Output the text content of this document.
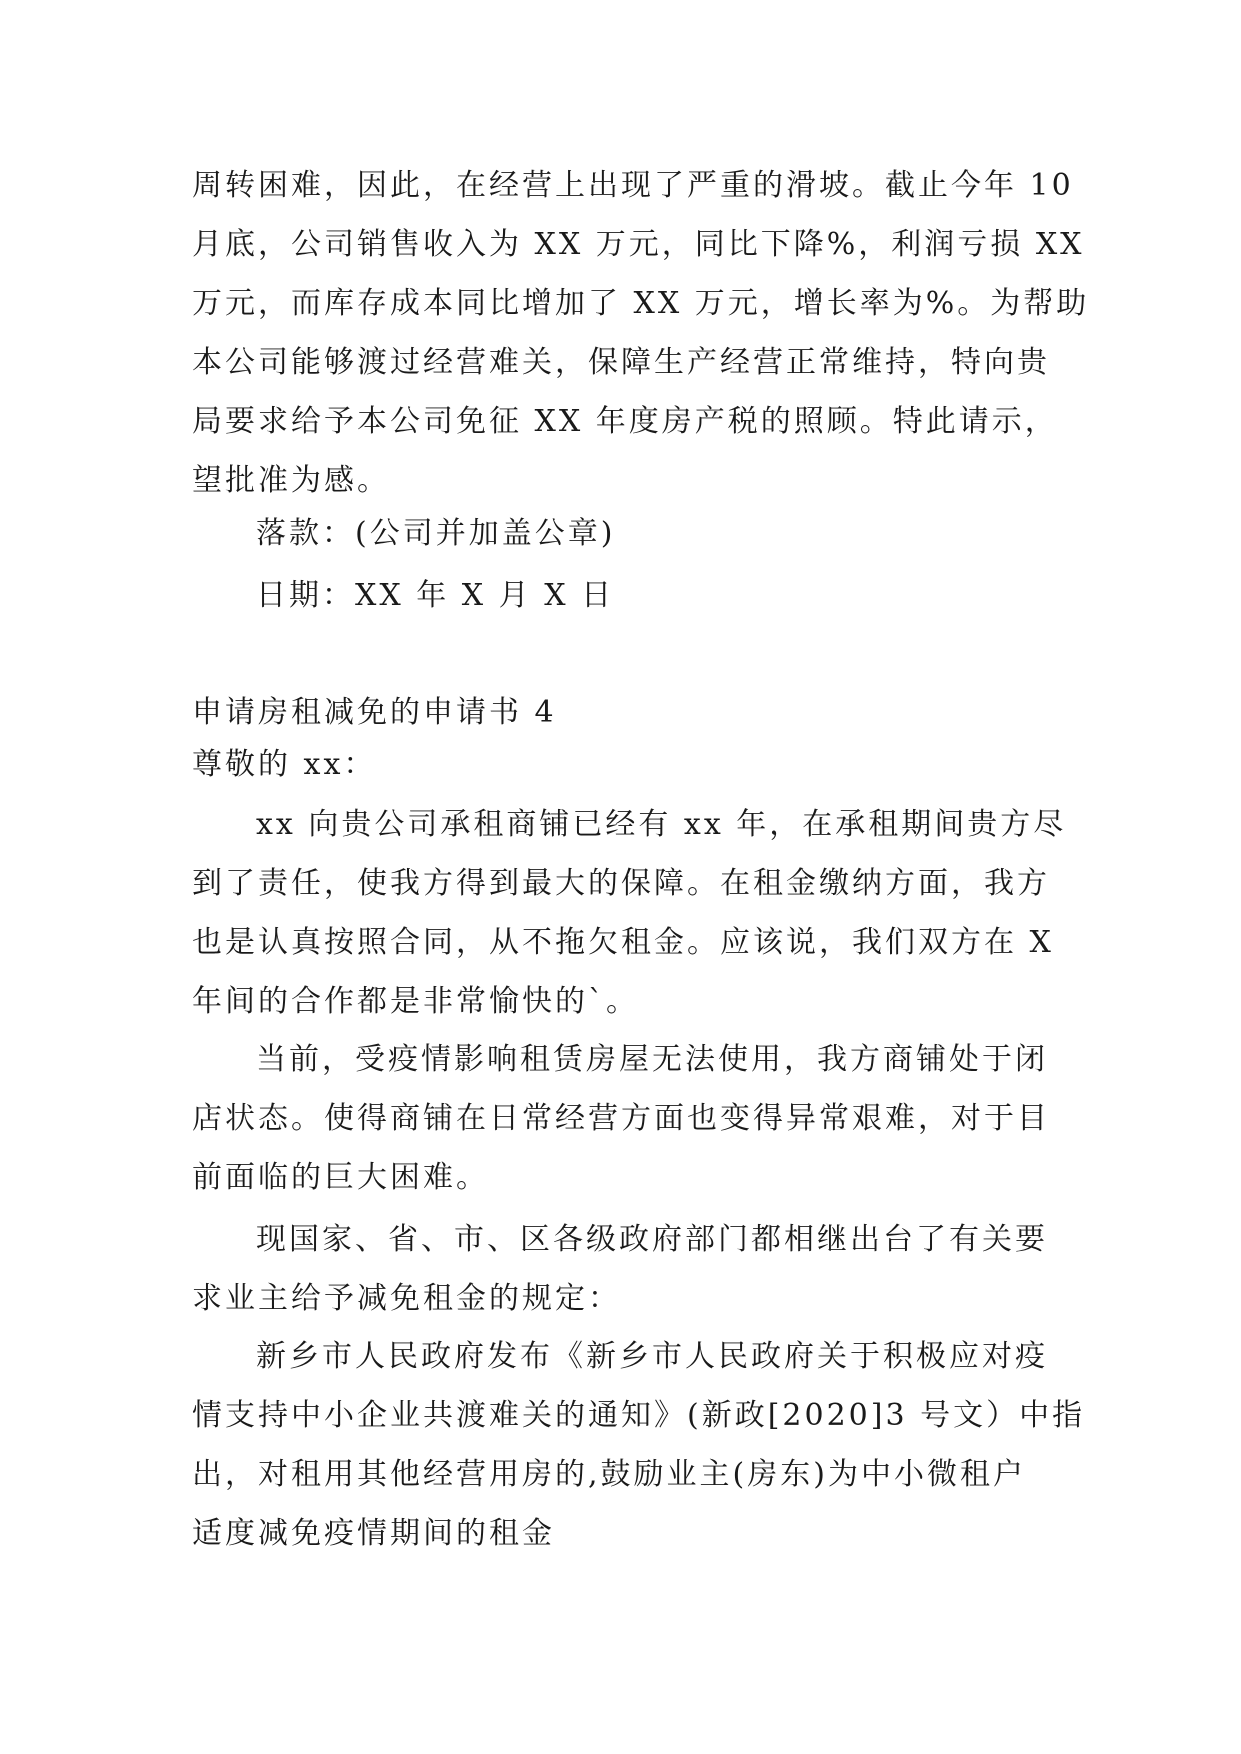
周转困难，因此，在经营上出现了严重的滑坡。截止今年 10
月底，公司销售收入为 XX 万元，同比下降%，利润亏损 XX
万元，而库存成本同比增加了 XX 万元，增长率为%。为帮助
本公司能够渡过经营难关，保障生产经营正常维持，特向贵
局要求给予本公司免征 XX 年度房产税的照顾。特此请示，
望批准为感。
落款：(公司并加盖公章)
日期：XX 年 X 月 X 日
申请房租减免的申请书 4
尊敬的 xx：
xx 向贵公司承租商铺已经有 xx 年，在承租期间贵方尽
到了责任，使我方得到最大的保障。在租金缴纳方面，我方
也是认真按照合同，从不拖欠租金。应该说，我们双方在 X
年间的合作都是非常愉快的`。
当前，受疫情影响租赁房屋无法使用，我方商铺处于闭
店状态。使得商铺在日常经营方面也变得异常艰难，对于目
前面临的巨大困难。
现国家、省、市、区各级政府部门都相继出台了有关要
求业主给予减免租金的规定：
新乡市人民政府发布《新乡市人民政府关于积极应对疫
情支持中小企业共渡难关的通知》(新政[2020]3 号文）中指
出，对租用其他经营用房的,鼓励业主(房东)为中小微租户
适度减免疫情期间的租金
